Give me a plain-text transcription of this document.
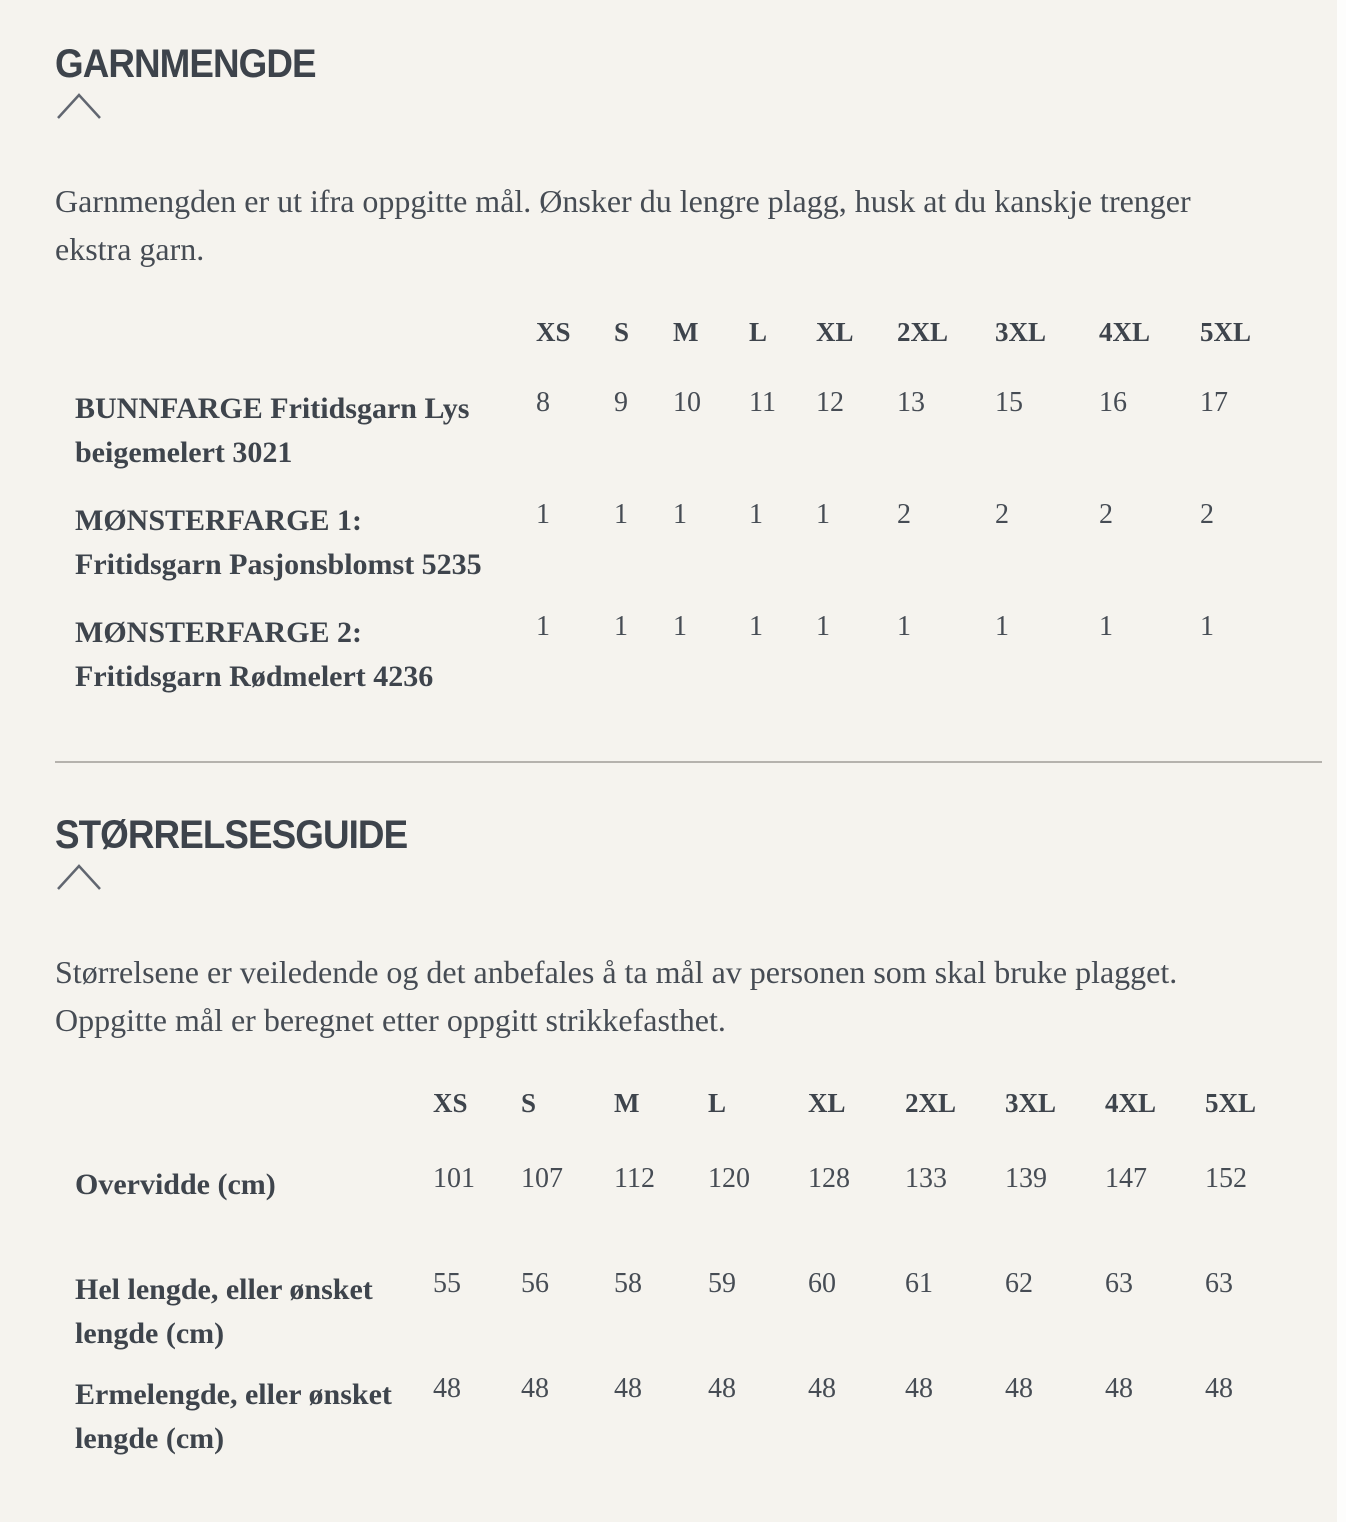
GARNMENGDE

Garnmengden er ut ifra oppgitte mål. Ønsker du lengre plagg, husk at du kanskje trenger ekstra garn.

	XS	S	M	L	XL	2XL	3XL	4XL	5XL
BUNNFARGE Fritidsgarn Lys beigemelert 3021	8	9	10	11	12	13	15	16	17
MØNSTERFARGE 1: Fritidsgarn Pasjonsblomst 5235	1	1	1	1	1	2	2	2	2
MØNSTERFARGE 2: Fritidsgarn Rødmelert 4236	1	1	1	1	1	1	1	1	1
STØRRELSESGUIDE

Størrelsene er veiledende og det anbefales å ta mål av personen som skal bruke plagget. Oppgitte mål er beregnet etter oppgitt strikkefasthet.

	XS	S	M	L	XL	2XL	3XL	4XL	5XL
Overvidde (cm)	101	107	112	120	128	133	139	147	152
Hel lengde, eller ønsket lengde (cm)	55	56	58	59	60	61	62	63	63
Ermelengde, eller ønsket lengde (cm)	48	48	48	48	48	48	48	48	48
